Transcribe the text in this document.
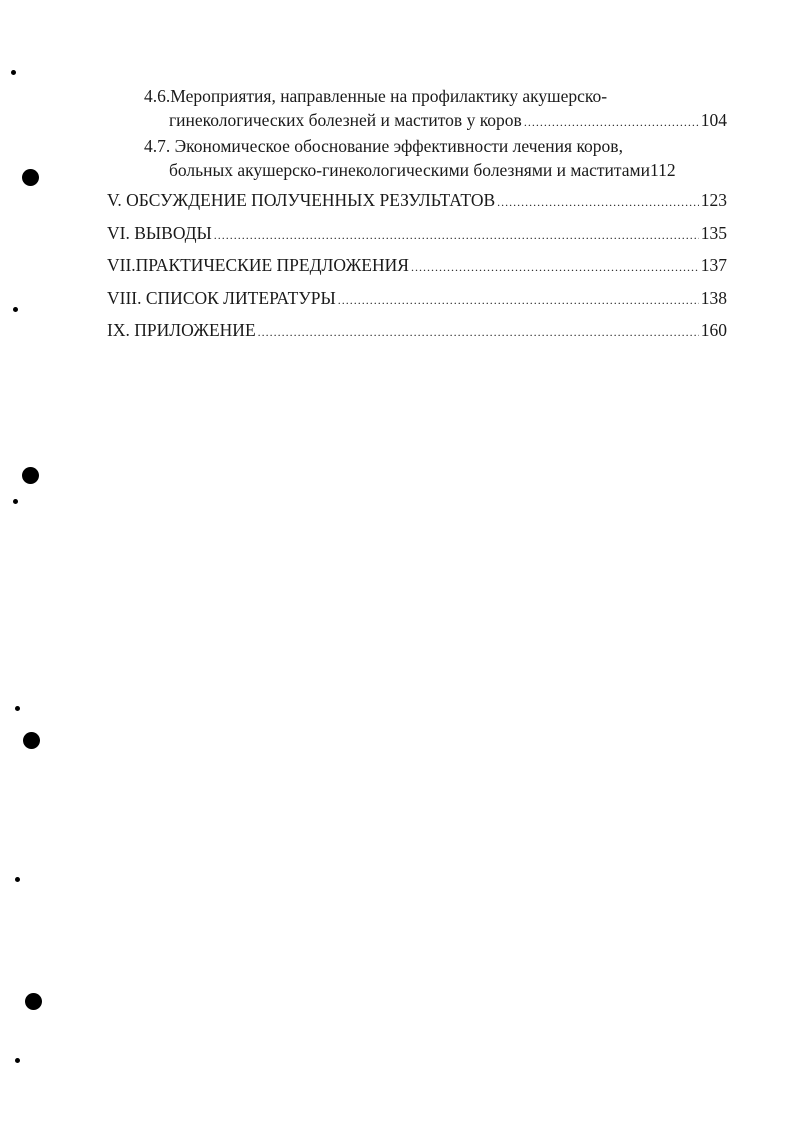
4.6.Мероприятия, направленные на профилактику акушерско-
гинекологических болезней и маститов у коров .....	104
4.7. Экономическое обоснование эффективности лечения коров,
больных акушерско-гинекологическими болезнями и маститами 112
V. ОБСУЖДЕНИЕ ПОЛУЧЕННЫХ РЕЗУЛЬТАТОВ .....	123
VI. ВЫВОДЫ .....	135
VII.ПРАКТИЧЕСКИЕ ПРЕДЛОЖЕНИЯ .....	137
VIII. СПИСОК ЛИТЕРАТУРЫ .....	138
IX. ПРИЛОЖЕНИЕ .....	160
